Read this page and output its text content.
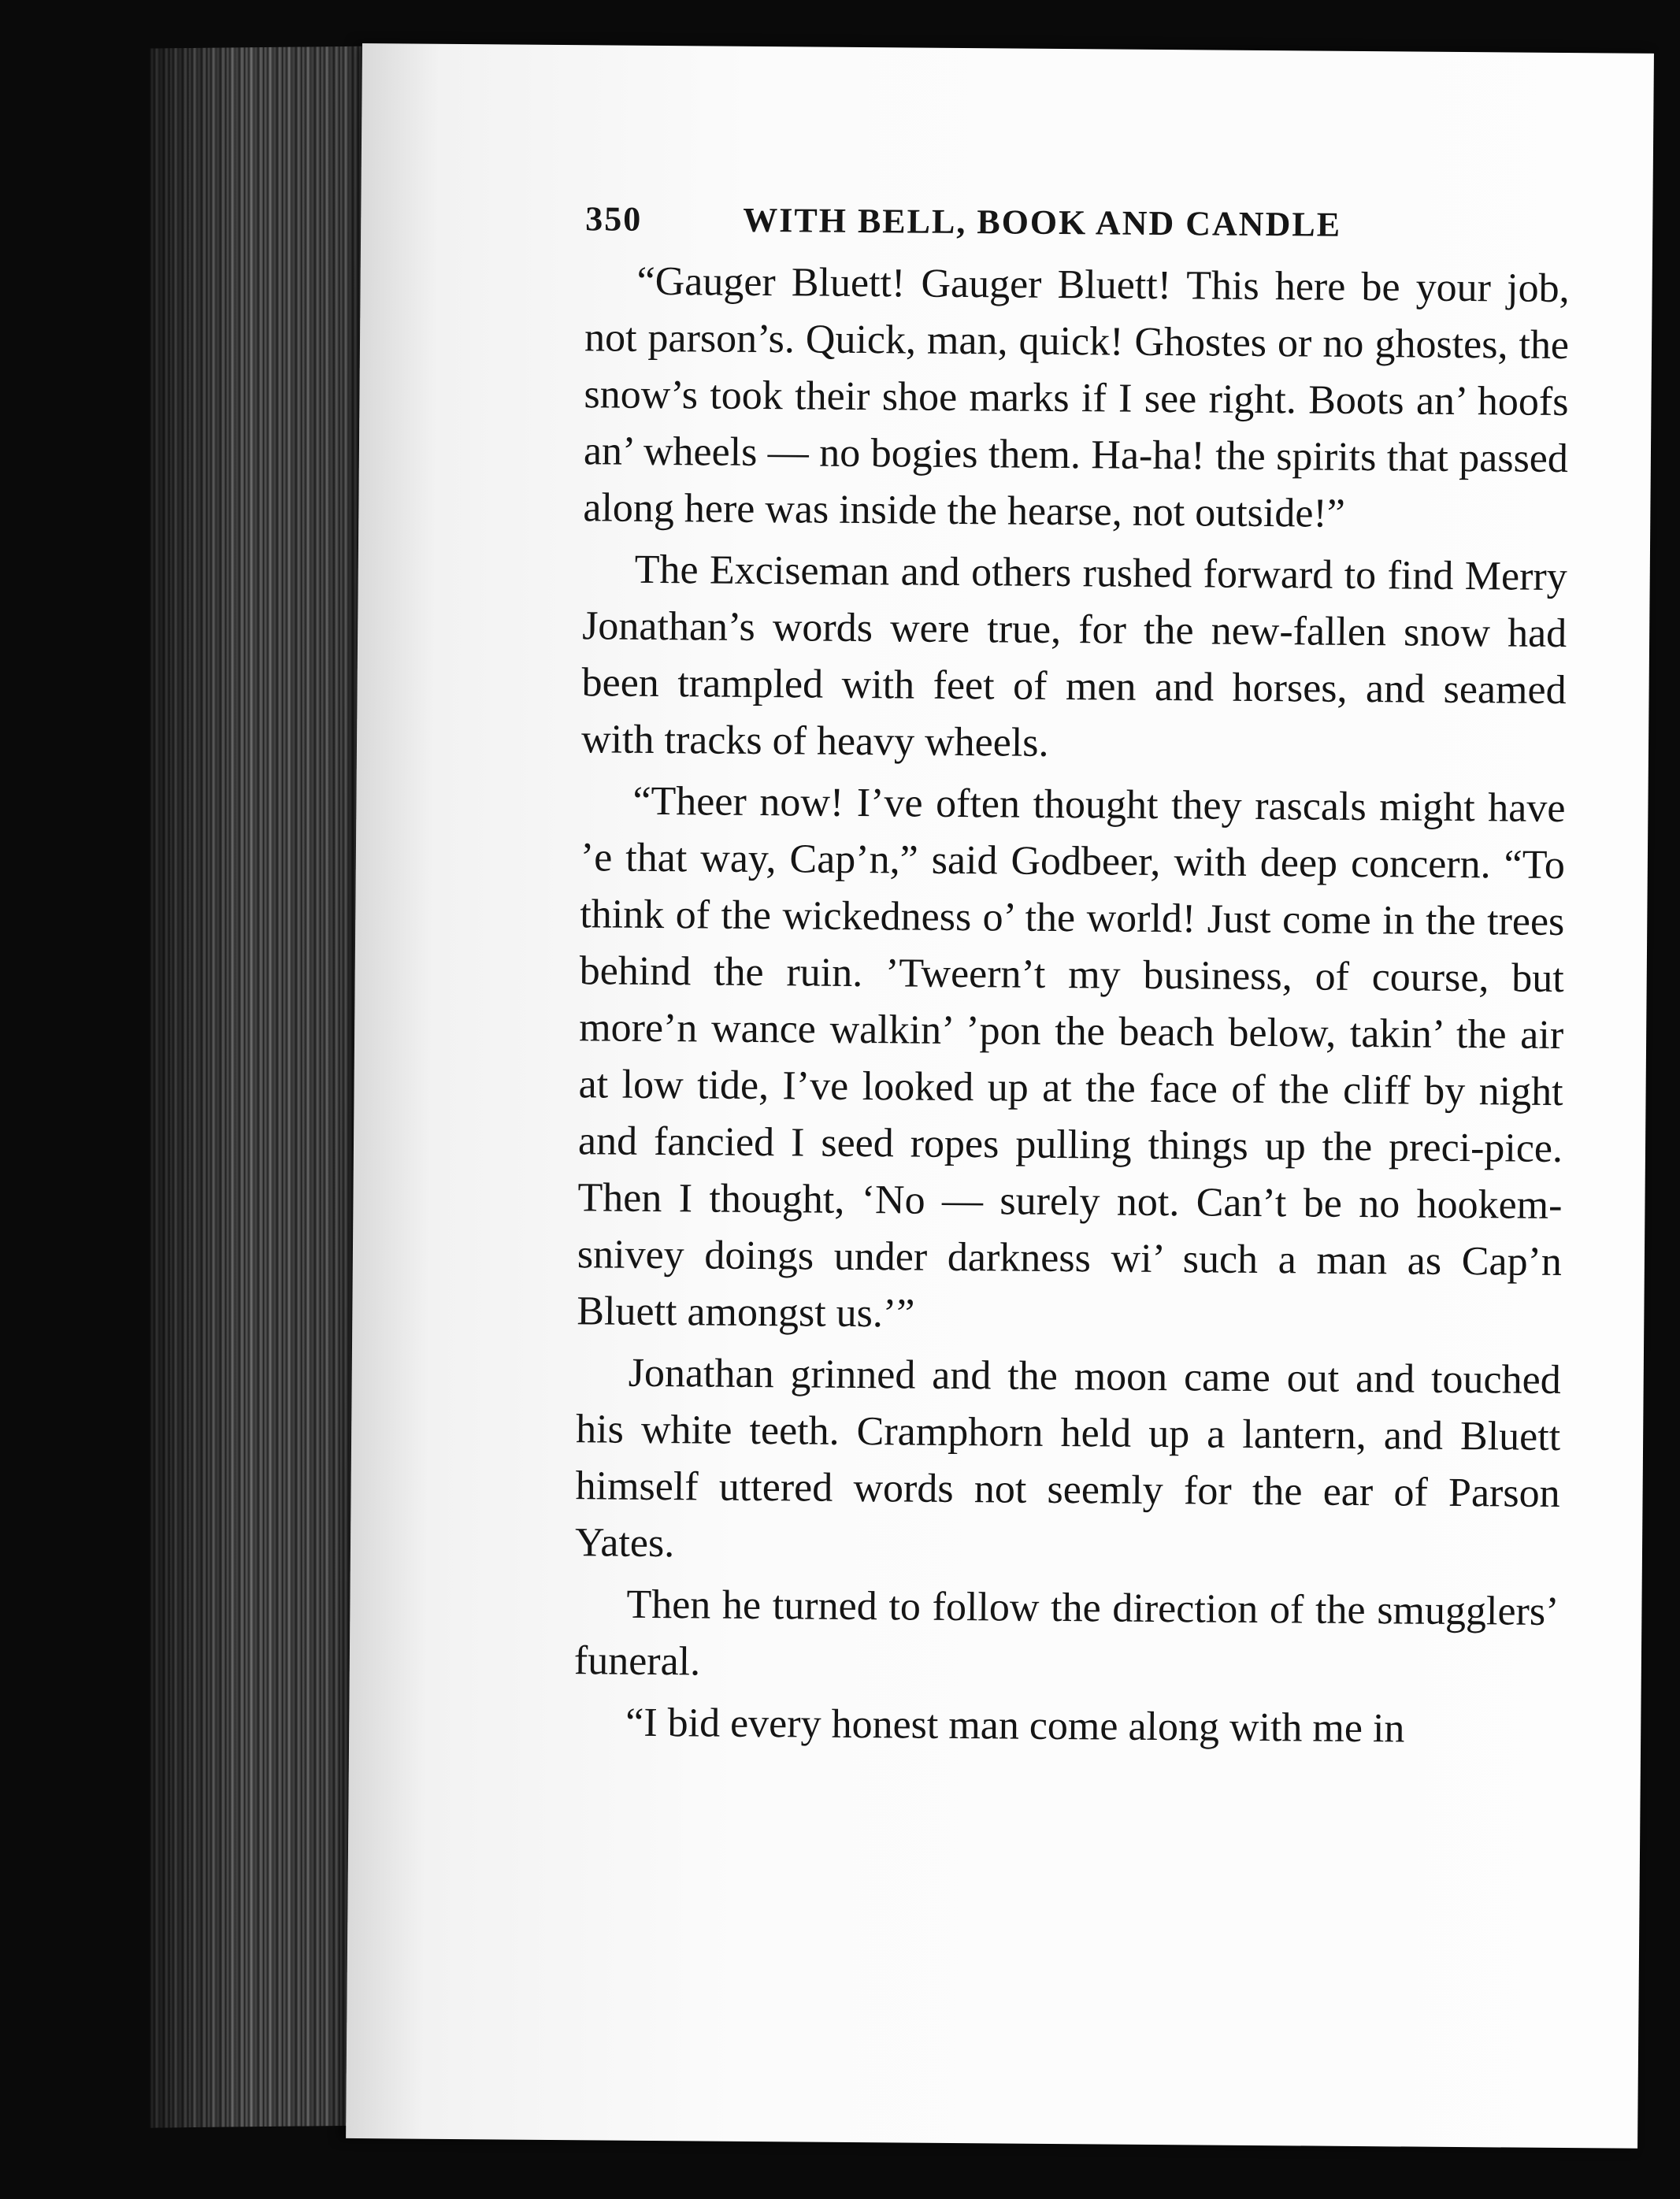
350	WITH BELL, BOOK AND CANDLE

“Gauger Bluett! Gauger Bluett! This here be your job, not parson’s. Quick, man, quick! Ghostes or no ghostes, the snow’s took their shoe marks if I see right. Boots an’ hoofs an’ wheels — no bogies them. Ha-ha! the spirits that passed along here was inside the hearse, not outside!”

The Exciseman and others rushed forward to find Merry Jonathan’s words were true, for the new-fallen snow had been trampled with feet of men and horses, and seamed with tracks of heavy wheels.

“Theer now! I’ve often thought they rascals might have ’e that way, Cap’n,” said Godbeer, with deep concern. “To think of the wickedness o’ the world! Just come in the trees behind the ruin. ’Tweern’t my business, of course, but more’n wance walkin’ ’pon the beach below, takin’ the air at low tide, I’ve looked up at the face of the cliff by night and fancied I seed ropes pulling things up the preci-pice. Then I thought, ‘No — surely not. Can’t be no hookem-snivey doings under darkness wi’ such a man as Cap’n Bluett amongst us.’”

Jonathan grinned and the moon came out and touched his white teeth. Cramphorn held up a lantern, and Bluett himself uttered words not seemly for the ear of Parson Yates.

Then he turned to follow the direction of the smugglers’ funeral.

“I bid every honest man come along with me in
